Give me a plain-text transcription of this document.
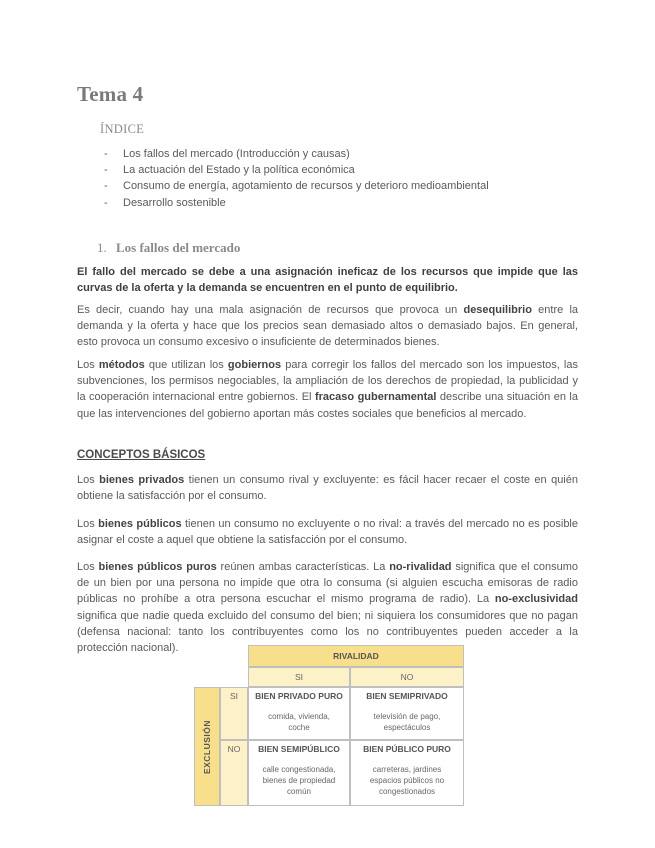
Tema 4
ÍNDICE
- Los fallos del mercado (Introducción y causas)
- La actuación del Estado y la política económica
- Consumo de energía, agotamiento de recursos y deterioro medioambiental
- Desarrollo sostenible
1. Los fallos del mercado

El fallo del mercado se debe a una asignación ineficaz de los recursos que impide que las curvas de la oferta y la demanda se encuentren en el punto de equilibrio.

Es decir, cuando hay una mala asignación de recursos que provoca un desequilibrio entre la demanda y la oferta y hace que los precios sean demasiado altos o demasiado bajos. En general, esto provoca un consumo excesivo o insuficiente de determinados bienes.

Los métodos que utilizan los gobiernos para corregir los fallos del mercado son los impuestos, las subvenciones, los permisos negociables, la ampliación de los derechos de propiedad, la publicidad y la cooperación internacional entre gobiernos. El fracaso gubernamental describe una situación en la que las intervenciones del gobierno aportan más costes sociales que beneficios al mercado.

CONCEPTOS BÁSICOS

Los bienes privados tienen un consumo rival y excluyente: es fácil hacer recaer el coste en quién obtiene la satisfacción por el consumo.

Los bienes públicos tienen un consumo no excluyente o no rival: a través del mercado no es posible asignar el coste a aquel que obtiene la satisfacción por el consumo.

Los bienes públicos puros reúnen ambas características. La no-rivalidad significa que el consumo de un bien por una persona no impide que otra lo consuma (si alguien escucha emisoras de radio públicas no prohíbe a otra persona escuchar el mismo programa de radio). La no-exclusividad significa que nadie queda excluido del consumo del bien; ni siquiera los consumidores que no pagan (defensa nacional: tanto los contribuyentes como los no contribuyentes pueden acceder a la protección nacional).

RIVALIDAD
SI	NO
EXCLUSIÓN
SI
NO
BIEN PRIVADO PURO
comida, vivienda,
coche
BIEN SEMIPRIVADO
televisión de pago,
espectáculos
BIEN SEMIPÚBLICO
calle congestionada,
bienes de propiedad
común
BIEN PÚBLICO PURO
carreteras, jardines
espacios públicos no
congestionados
